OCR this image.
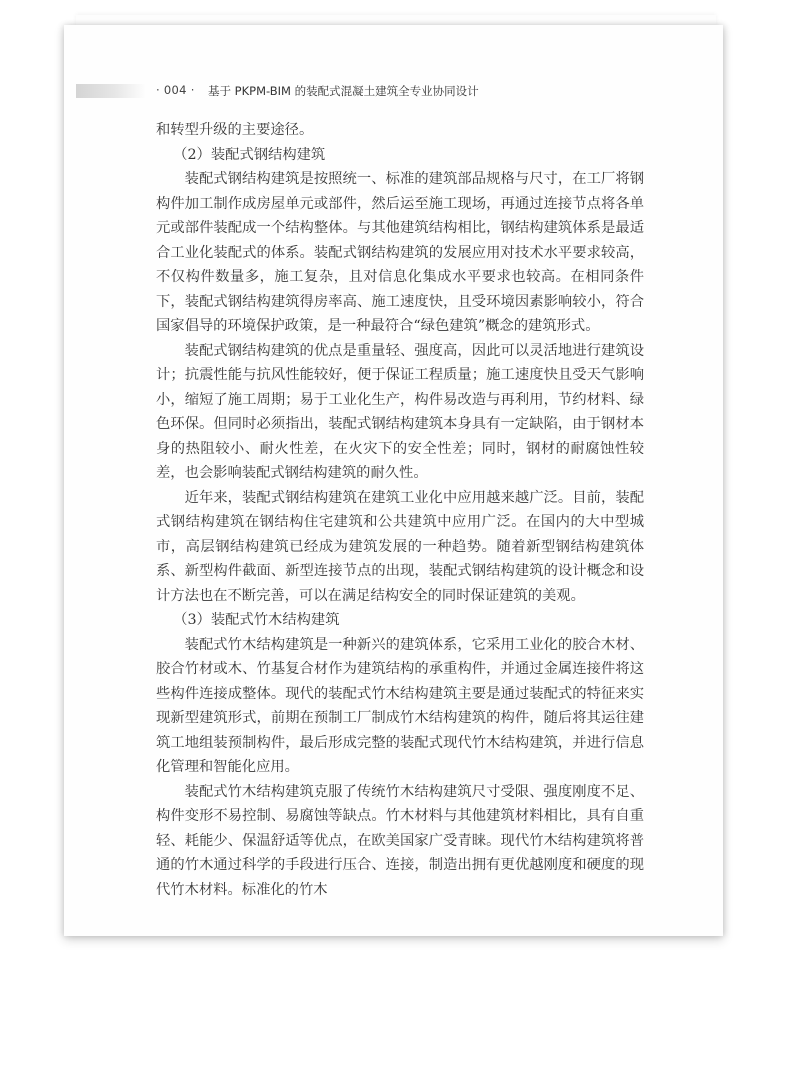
· 004 · 基于 PKPM-BIM 的装配式混凝土建筑全专业协同设计

和转型升级的主要途径。

（2）装配式钢结构建筑

装配式钢结构建筑是按照统一、标准的建筑部品规格与尺寸，在工厂将钢构件加工制作成房屋单元或部件，然后运至施工现场，再通过连接节点将各单元或部件装配成一个结构整体。与其他建筑结构相比，钢结构建筑体系是最适合工业化装配式的体系。装配式钢结构建筑的发展应用对技术水平要求较高，不仅构件数量多，施工复杂，且对信息化集成水平要求也较高。在相同条件下，装配式钢结构建筑得房率高、施工速度快，且受环境因素影响较小，符合国家倡导的环境保护政策，是一种最符合“绿色建筑”概念的建筑形式。

装配式钢结构建筑的优点是重量轻、强度高，因此可以灵活地进行建筑设计；抗震性能与抗风性能较好，便于保证工程质量；施工速度快且受天气影响小，缩短了施工周期；易于工业化生产，构件易改造与再利用，节约材料、绿色环保。但同时必须指出，装配式钢结构建筑本身具有一定缺陷，由于钢材本身的热阻较小、耐火性差，在火灾下的安全性差；同时，钢材的耐腐蚀性较差，也会影响装配式钢结构建筑的耐久性。

近年来，装配式钢结构建筑在建筑工业化中应用越来越广泛。目前，装配式钢结构建筑在钢结构住宅建筑和公共建筑中应用广泛。在国内的大中型城市，高层钢结构建筑已经成为建筑发展的一种趋势。随着新型钢结构建筑体系、新型构件截面、新型连接节点的出现，装配式钢结构建筑的设计概念和设计方法也在不断完善，可以在满足结构安全的同时保证建筑的美观。

（3）装配式竹木结构建筑

装配式竹木结构建筑是一种新兴的建筑体系，它采用工业化的胶合木材、胶合竹材或木、竹基复合材作为建筑结构的承重构件，并通过金属连接件将这些构件连接成整体。现代的装配式竹木结构建筑主要是通过装配式的特征来实现新型建筑形式，前期在预制工厂制成竹木结构建筑的构件，随后将其运往建筑工地组装预制构件，最后形成完整的装配式现代竹木结构建筑，并进行信息化管理和智能化应用。

装配式竹木结构建筑克服了传统竹木结构建筑尺寸受限、强度刚度不足、构件变形不易控制、易腐蚀等缺点。竹木材料与其他建筑材料相比，具有自重轻、耗能少、保温舒适等优点，在欧美国家广受青睐。现代竹木结构建筑将普通的竹木通过科学的手段进行压合、连接，制造出拥有更优越刚度和硬度的现代竹木材料。标准化的竹木
